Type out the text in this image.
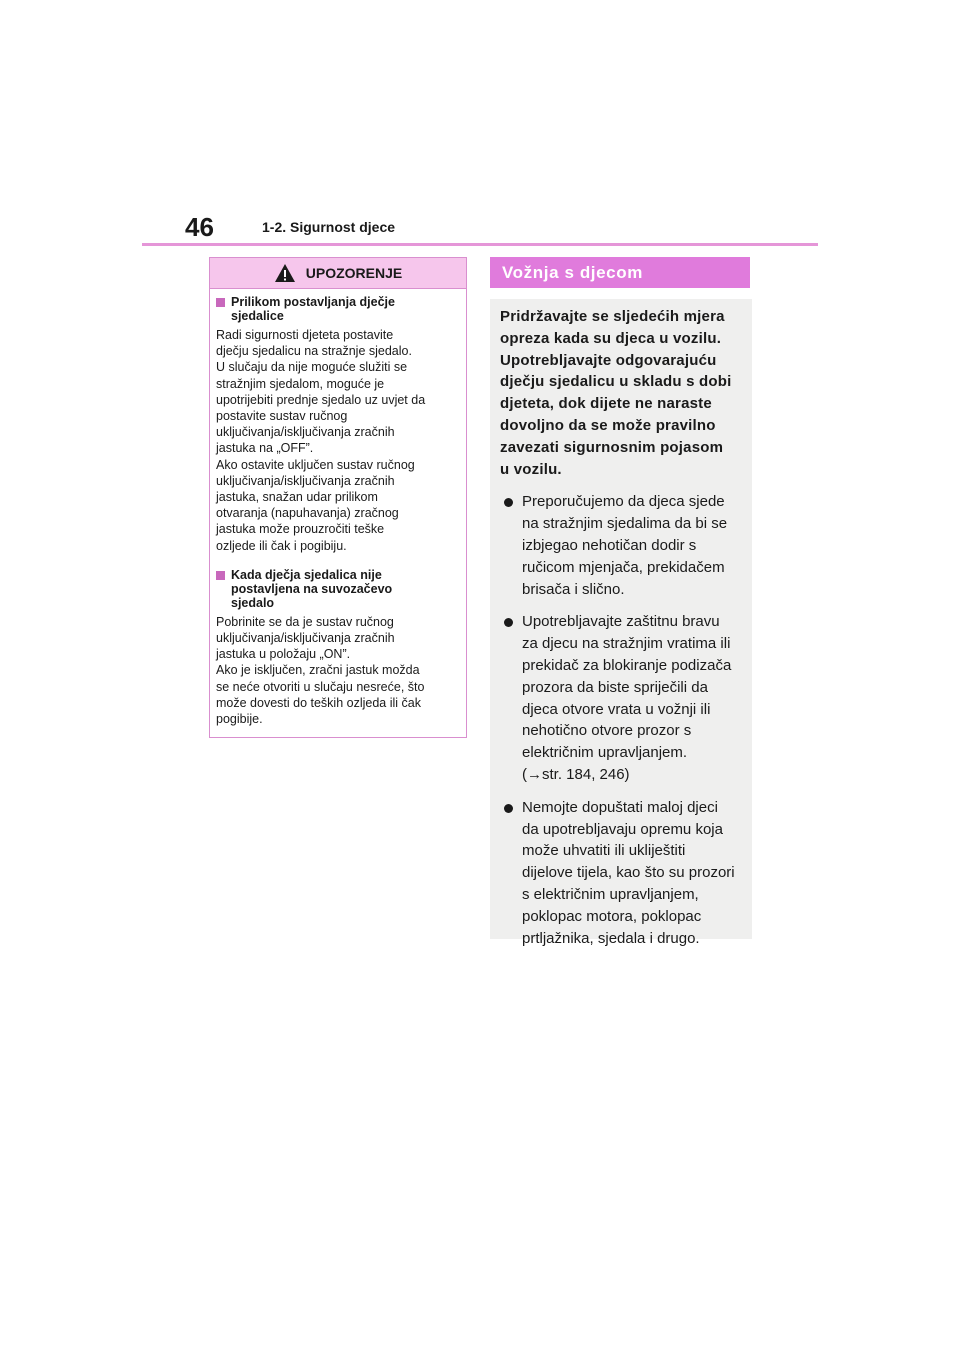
46	1-2. Sigurnost djece
UPOZORENJE
Prilikom postavljanja dječje
sjedalice
Radi sigurnosti djeteta postavite
dječju sjedalicu na stražnje sjedalo.
U slučaju da nije moguće služiti se
stražnjim sjedalom, moguće je
upotrijebiti prednje sjedalo uz uvjet da
postavite sustav ručnog
uključivanja/isključivanja zračnih
jastuka na „OFF”.
Ako ostavite uključen sustav ručnog
uključivanja/isključivanja zračnih
jastuka, snažan udar prilikom
otvaranja (napuhavanja) zračnog
jastuka može prouzročiti teške
ozljede ili čak i pogibiju.
Kada dječja sjedalica nije
postavljena na suvozačevo
sjedalo
Pobrinite se da je sustav ručnog
uključivanja/isključivanja zračnih
jastuka u položaju „ON”.
Ako je isključen, zračni jastuk možda
se neće otvoriti u slučaju nesreće, što
može dovesti do teških ozljeda ili čak
pogibije.
Vožnja s djecom
Pridržavajte se sljedećih mjera
opreza kada su djeca u vozilu.
Upotrebljavajte odgovarajuću
dječju sjedalicu u skladu s dobi
djeteta, dok dijete ne naraste
dovoljno da se može pravilno
zavezati sigurnosnim pojasom
u vozilu.
Preporučujemo da djeca sjede
na stražnjim sjedalima da bi se
izbjegao nehotičan dodir s
ručicom mjenjača, prekidačem
brisača i slično.
Upotrebljavajte zaštitnu bravu
za djecu na stražnjim vratima ili
prekidač za blokiranje podizača
prozora da biste spriječili da
djeca otvore vrata u vožnji ili
nehotično otvore prozor s
električnim upravljanjem.
(→str. 184, 246)
Nemojte dopuštati maloj djeci
da upotrebljavaju opremu koja
može uhvatiti ili ukliještiti
dijelove tijela, kao što su prozori
s električnim upravljanjem,
poklopac motora, poklopac
prtljažnika, sjedala i drugo.
